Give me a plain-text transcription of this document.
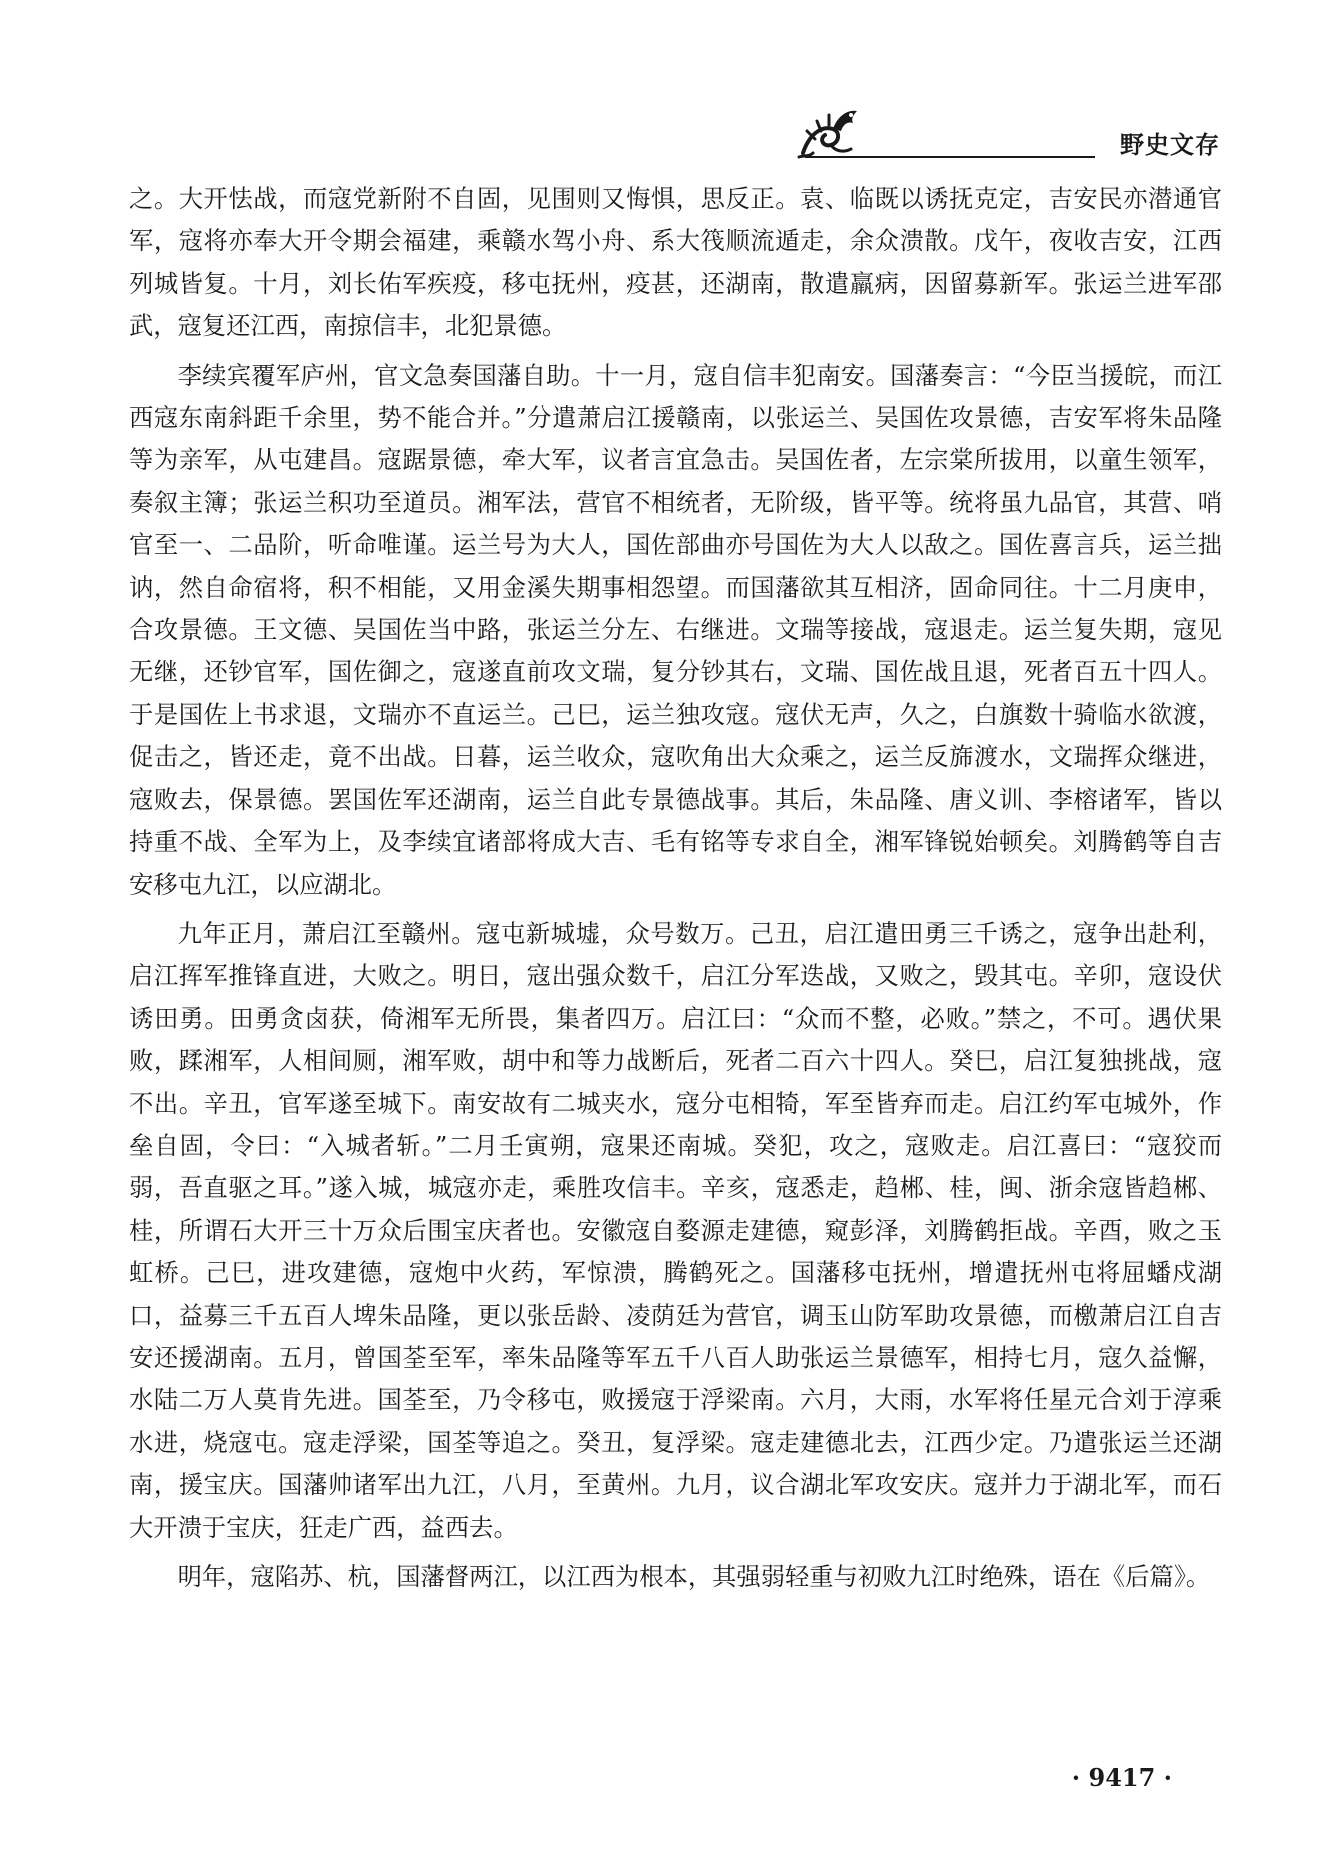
野史文存

之。大开怯战，而寇党新附不自固，见围则又悔惧，思反正。袁、临既以诱抚克定，吉安民亦潜通官军，寇将亦奉大开令期会福建，乘赣水驾小舟、系大筏顺流遁走，余众溃散。戊午，夜收吉安，江西列城皆复。十月，刘长佑军疾疫，移屯抚州，疫甚，还湖南，散遣羸病，因留募新军。张运兰进军邵武，寇复还江西，南掠信丰，北犯景德。

李续宾覆军庐州，官文急奏国藩自助。十一月，寇自信丰犯南安。国藩奏言：“今臣当援皖，而江西寇东南斜距千余里，势不能合并。”分遣萧启江援赣南，以张运兰、吴国佐攻景德，吉安军将朱品隆等为亲军，从屯建昌。寇踞景德，牵大军，议者言宜急击。吴国佐者，左宗棠所拔用，以童生领军，奏叙主簿；张运兰积功至道员。湘军法，营官不相统者，无阶级，皆平等。统将虽九品官，其营、哨官至一、二品阶，听命唯谨。运兰号为大人，国佐部曲亦号国佐为大人以敌之。国佐喜言兵，运兰拙讷，然自命宿将，积不相能，又用金溪失期事相怨望。而国藩欲其互相济，固命同往。十二月庚申，合攻景德。王文德、吴国佐当中路，张运兰分左、右继进。文瑞等接战，寇退走。运兰复失期，寇见无继，还钞官军，国佐御之，寇遂直前攻文瑞，复分钞其右，文瑞、国佐战且退，死者百五十四人。于是国佐上书求退，文瑞亦不直运兰。己巳，运兰独攻寇。寇伏无声，久之，白旗数十骑临水欲渡，促击之，皆还走，竟不出战。日暮，运兰收众，寇吹角出大众乘之，运兰反旆渡水，文瑞挥众继进，寇败去，保景德。罢国佐军还湖南，运兰自此专景德战事。其后，朱品隆、唐义训、李榕诸军，皆以持重不战、全军为上，及李续宜诸部将成大吉、毛有铭等专求自全，湘军锋锐始顿矣。刘腾鹤等自吉安移屯九江，以应湖北。

九年正月，萧启江至赣州。寇屯新城墟，众号数万。己丑，启江遣田勇三千诱之，寇争出赴利，启江挥军推锋直进，大败之。明日，寇出强众数千，启江分军迭战，又败之，毁其屯。辛卯，寇设伏诱田勇。田勇贪卤获，倚湘军无所畏，集者四万。启江曰：“众而不整，必败。”禁之，不可。遇伏果败，蹂湘军，人相间厕，湘军败，胡中和等力战断后，死者二百六十四人。癸巳，启江复独挑战，寇不出。辛丑，官军遂至城下。南安故有二城夹水，寇分屯相犄，军至皆弃而走。启江约军屯城外，作垒自固，令曰：“入城者斩。”二月壬寅朔，寇果还南城。癸犯，攻之，寇败走。启江喜曰：“寇狡而弱，吾直驱之耳。”遂入城，城寇亦走，乘胜攻信丰。辛亥，寇悉走，趋郴、桂，闽、浙余寇皆趋郴、桂，所谓石大开三十万众后围宝庆者也。安徽寇自婺源走建德，窥彭泽，刘腾鹤拒战。辛酉，败之玉虹桥。己巳，进攻建德，寇炮中火药，军惊溃，腾鹤死之。国藩移屯抚州，增遣抚州屯将屈蟠戍湖口，益募三千五百人埤朱品隆，更以张岳龄、凌荫廷为营官，调玉山防军助攻景德，而檄萧启江自吉安还援湖南。五月，曾国荃至军，率朱品隆等军五千八百人助张运兰景德军，相持七月，寇久益懈，水陆二万人莫肯先进。国荃至，乃令移屯，败援寇于浮梁南。六月，大雨，水军将任星元合刘于淳乘水进，烧寇屯。寇走浮梁，国荃等追之。癸丑，复浮梁。寇走建德北去，江西少定。乃遣张运兰还湖南，援宝庆。国藩帅诸军出九江，八月，至黄州。九月，议合湖北军攻安庆。寇并力于湖北军，而石大开溃于宝庆，狂走广西，益西去。

明年，寇陷苏、杭，国藩督两江，以江西为根本，其强弱轻重与初败九江时绝殊，语在《后篇》。

· 9417 ·
